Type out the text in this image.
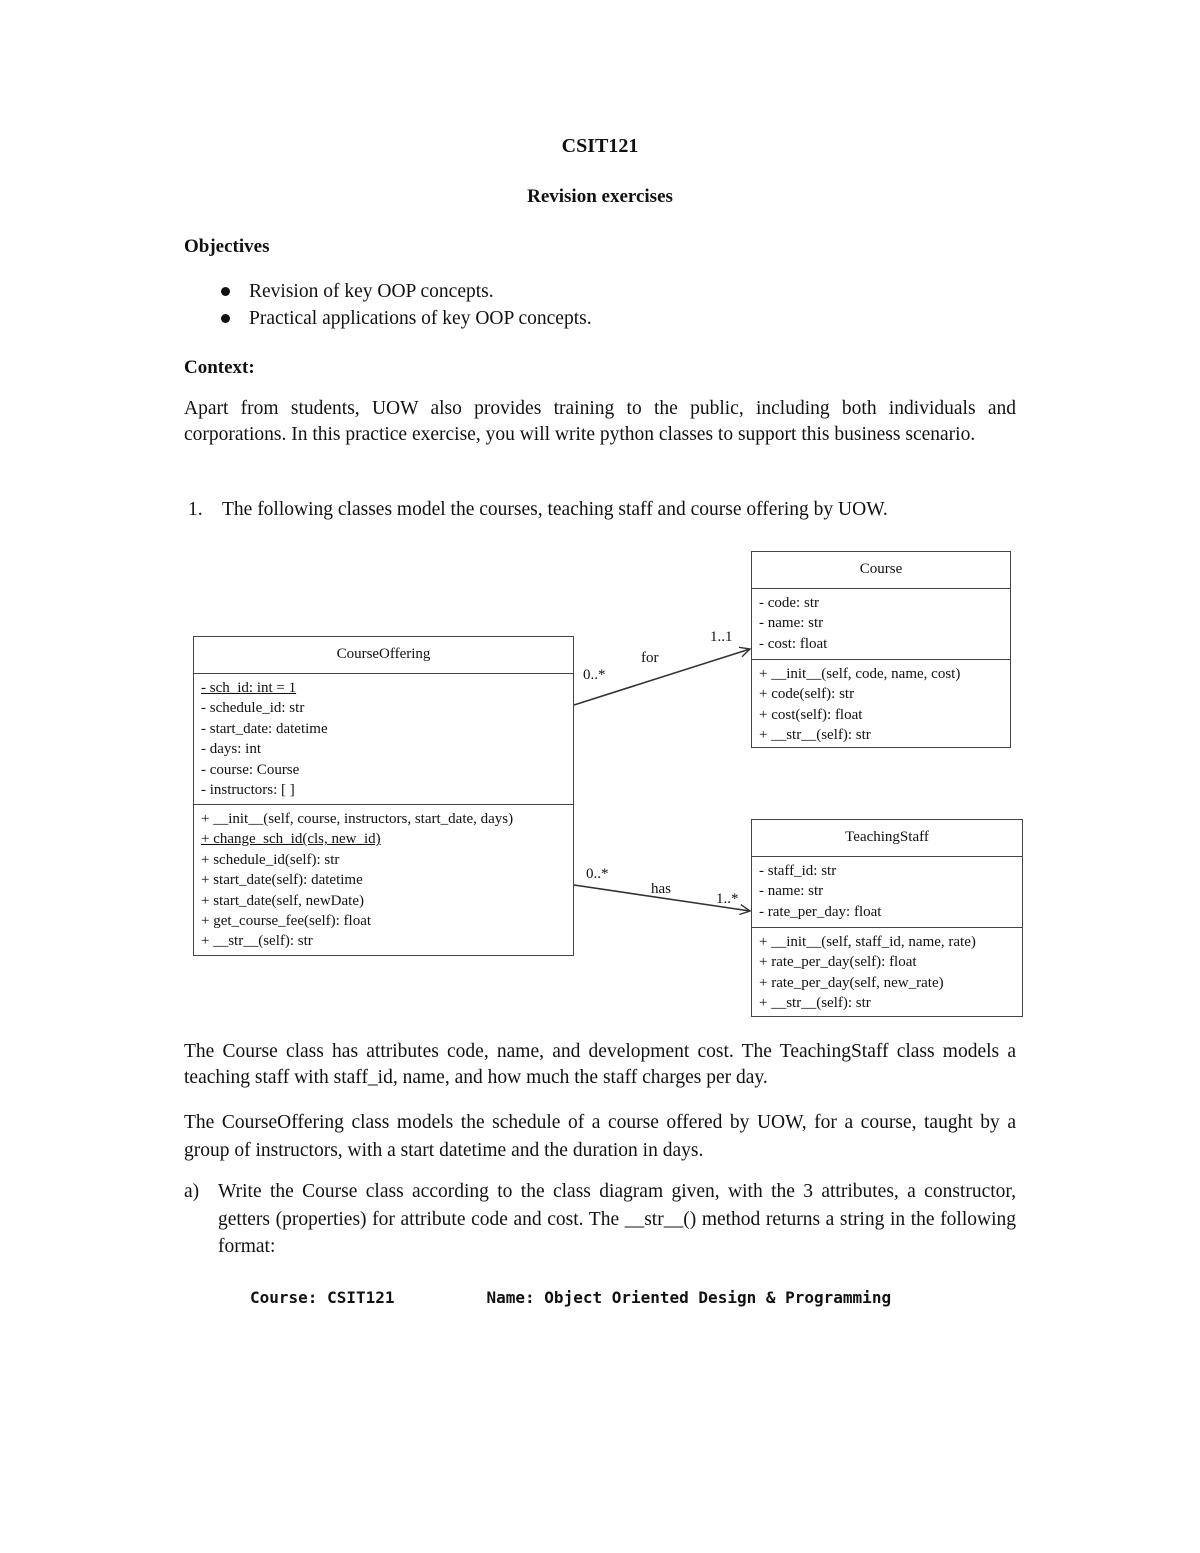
CSIT121
Revision exercises
Objectives
Revision of key OOP concepts.
Practical applications of key OOP concepts.
Context:
Apart from students, UOW also provides training to the public, including both individuals and corporations. In this practice exercise, you will write python classes to support this business scenario.
1. The following classes model the courses, teaching staff and course offering by UOW.
Course
- code: str
- name: str
- cost: float
+ __init__(self, code, name, cost)
+ code(self): str
+ cost(self): float
+ __str__(self): str
CourseOffering
- sch_id: int = 1
- schedule_id: str
- start_date: datetime
- days: int
- course: Course
- instructors: [ ]
+ __init__(self, course, instructors, start_date, days)
+ change_sch_id(cls, new_id)
+ schedule_id(self): str
+ start_date(self): datetime
+ start_date(self, newDate)
+ get_course_fee(self): float
+ __str__(self): str
TeachingStaff
- staff_id: str
- name: str
- rate_per_day: float
+ __init__(self, staff_id, name, rate)
+ rate_per_day(self): float
+ rate_per_day(self, new_rate)
+ __str__(self): str
0..*
for
1..1
0..*
has
1..*
The Course class has attributes code, name, and development cost. The TeachingStaff class models a teaching staff with staff_id, name, and how much the staff charges per day.
The CourseOffering class models the schedule of a course offered by UOW, for a course, taught by a group of instructors, with a start datetime and the duration in days.
a) Write the Course class according to the class diagram given, with the 3 attributes, a constructor, getters (properties) for attribute code and cost. The __str__() method returns a string in the following format:
Course: CSIT121	Name: Object Oriented Design & Programming
